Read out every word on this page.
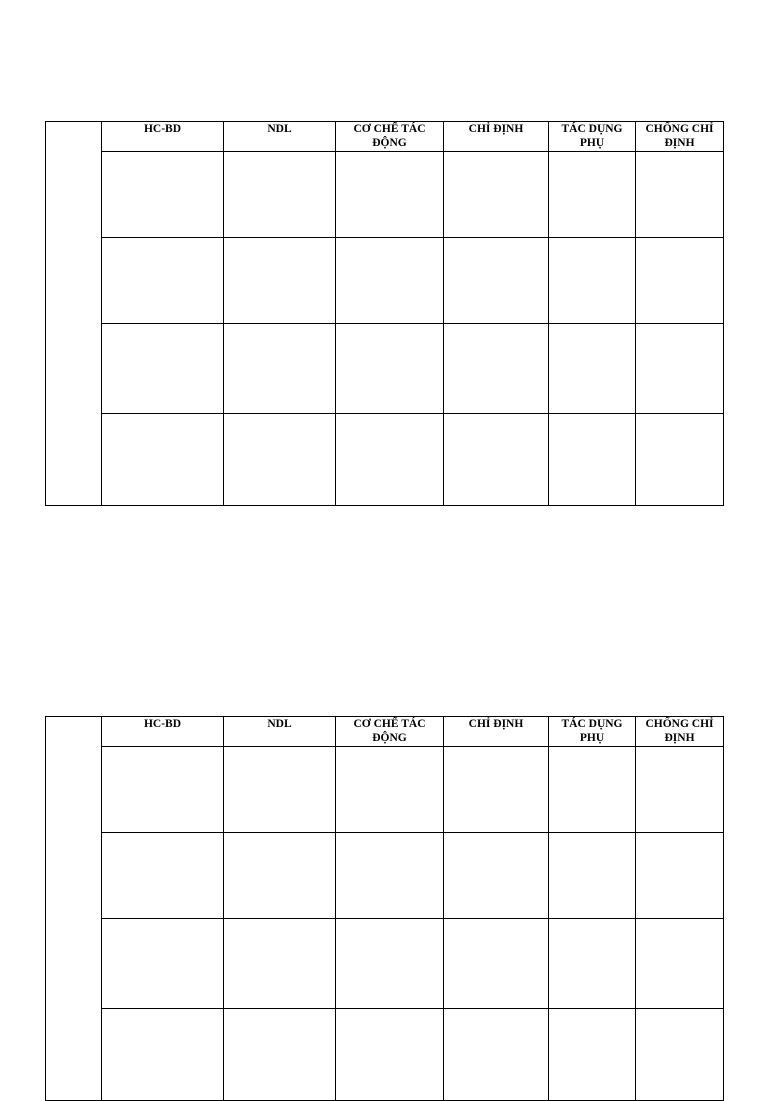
	HC-BD	NDL	CƠ CHẾ TÁC ĐỘNG	CHỈ ĐỊNH	TÁC DỤNG PHỤ	CHỐNG CHỈ ĐỊNH

	HC-BD	NDL	CƠ CHẾ TÁC ĐỘNG	CHỈ ĐỊNH	TÁC DỤNG PHỤ	CHỐNG CHỈ ĐỊNH
